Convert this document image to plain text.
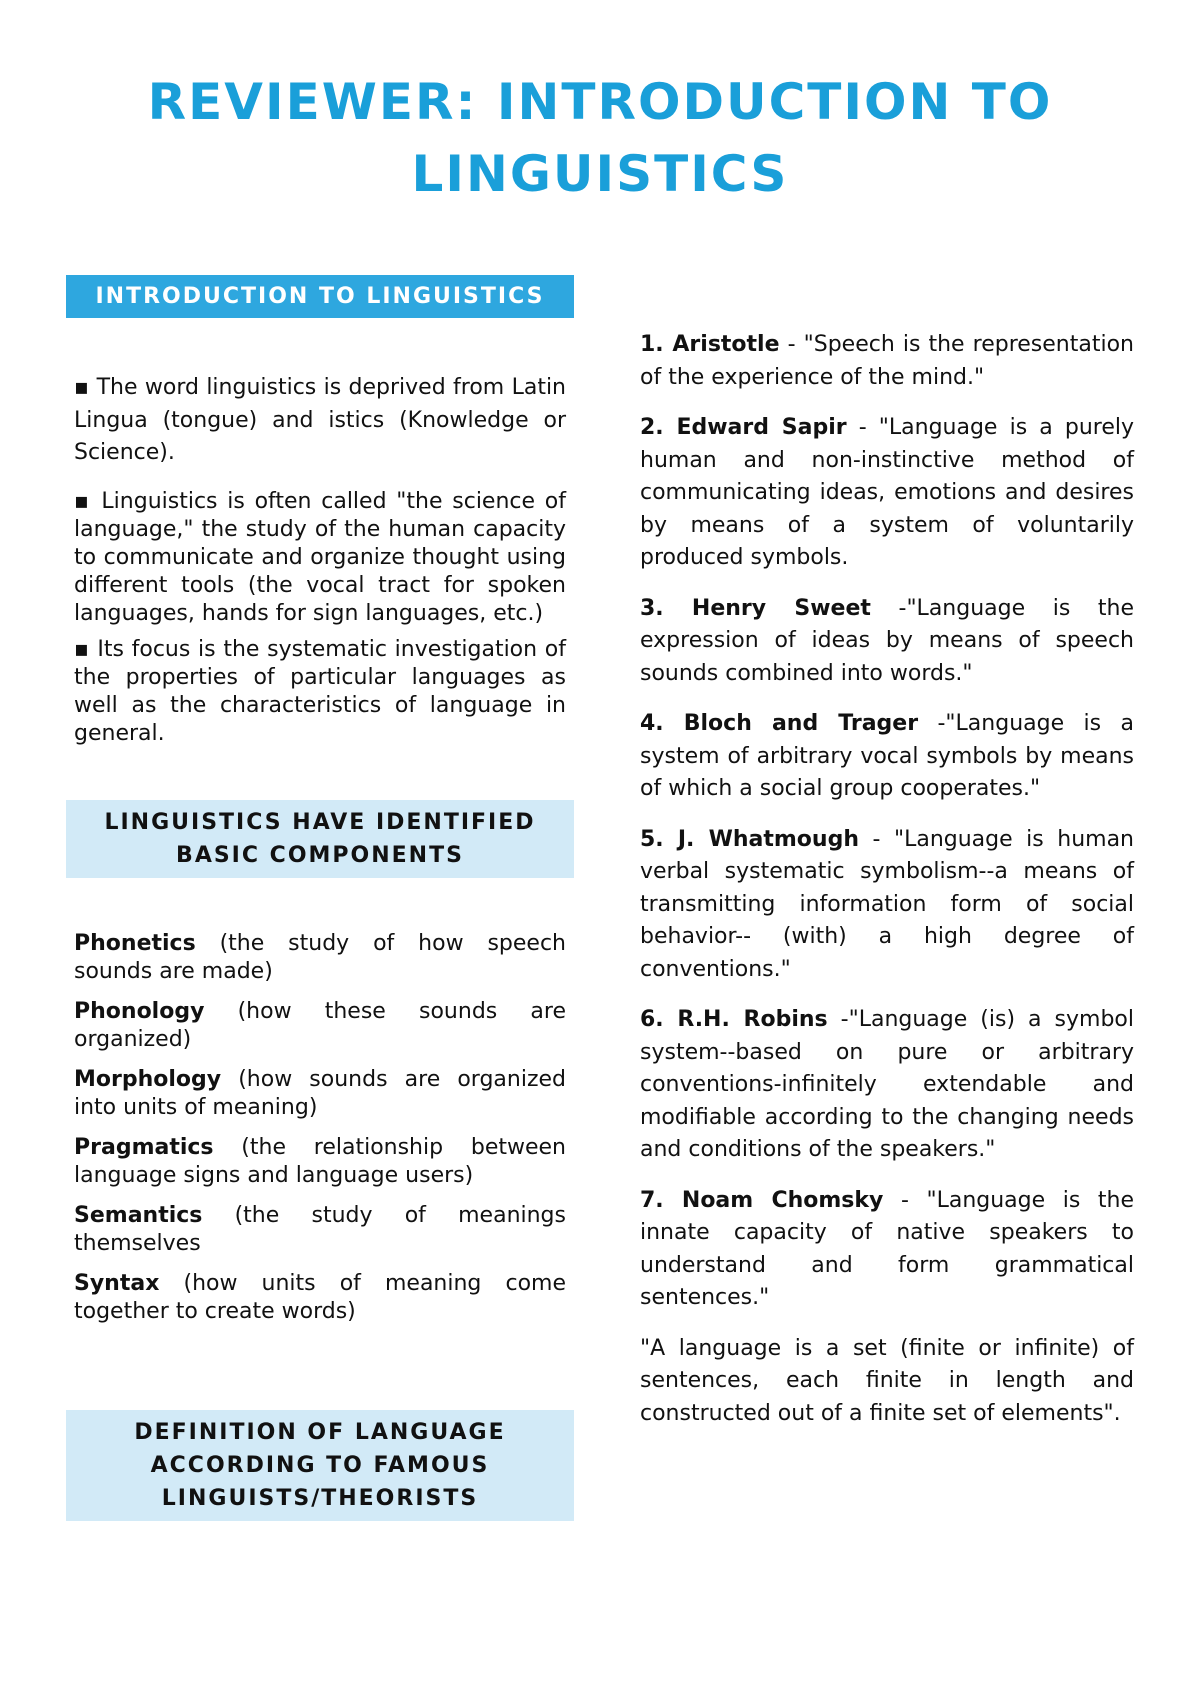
REVIEWER: INTRODUCTION TO
LINGUISTICS
INTRODUCTION TO LINGUISTICS

▪ The word linguistics is deprived from Latin Lingua (tongue) and istics (Knowledge or Science).

▪ Linguistics is often called "the science of language," the study of the human capacity to communicate and organize thought using different tools (the vocal tract for spoken languages, hands for sign languages, etc.)

▪ Its focus is the systematic investigation of the properties of particular languages as well as the characteristics of language in general.

LINGUISTICS HAVE IDENTIFIED
BASIC COMPONENTS

Phonetics (the study of how speech sounds are made)

Phonology (how these sounds are organized)

Morphology (how sounds are organized into units of meaning)

Pragmatics (the relationship between language signs and language users)

Semantics (the study of meanings themselves

Syntax (how units of meaning come together to create words)

DEFINITION OF LANGUAGE
ACCORDING TO FAMOUS
LINGUISTS/THEORISTS

1. Aristotle - "Speech is the representation of the experience of the mind."

2. Edward Sapir - "Language is a purely human and non-instinctive method of communicating ideas, emotions and desires by means of a system of voluntarily produced symbols.

3. Henry Sweet -"Language is the expression of ideas by means of speech sounds combined into words."

4. Bloch and Trager -"Language is a system of arbitrary vocal symbols by means of which a social group cooperates."

5. J. Whatmough - "Language is human verbal systematic symbolism--a means of transmitting information form of social behavior-- (with) a high degree of conventions."

6. R.H. Robins -"Language (is) a symbol system--based on pure or arbitrary conventions-infinitely extendable and modifiable according to the changing needs and conditions of the speakers."

7. Noam Chomsky - "Language is the innate capacity of native speakers to understand and form grammatical sentences."

"A language is a set (finite or infinite) of sentences, each finite in length and constructed out of a finite set of elements".
